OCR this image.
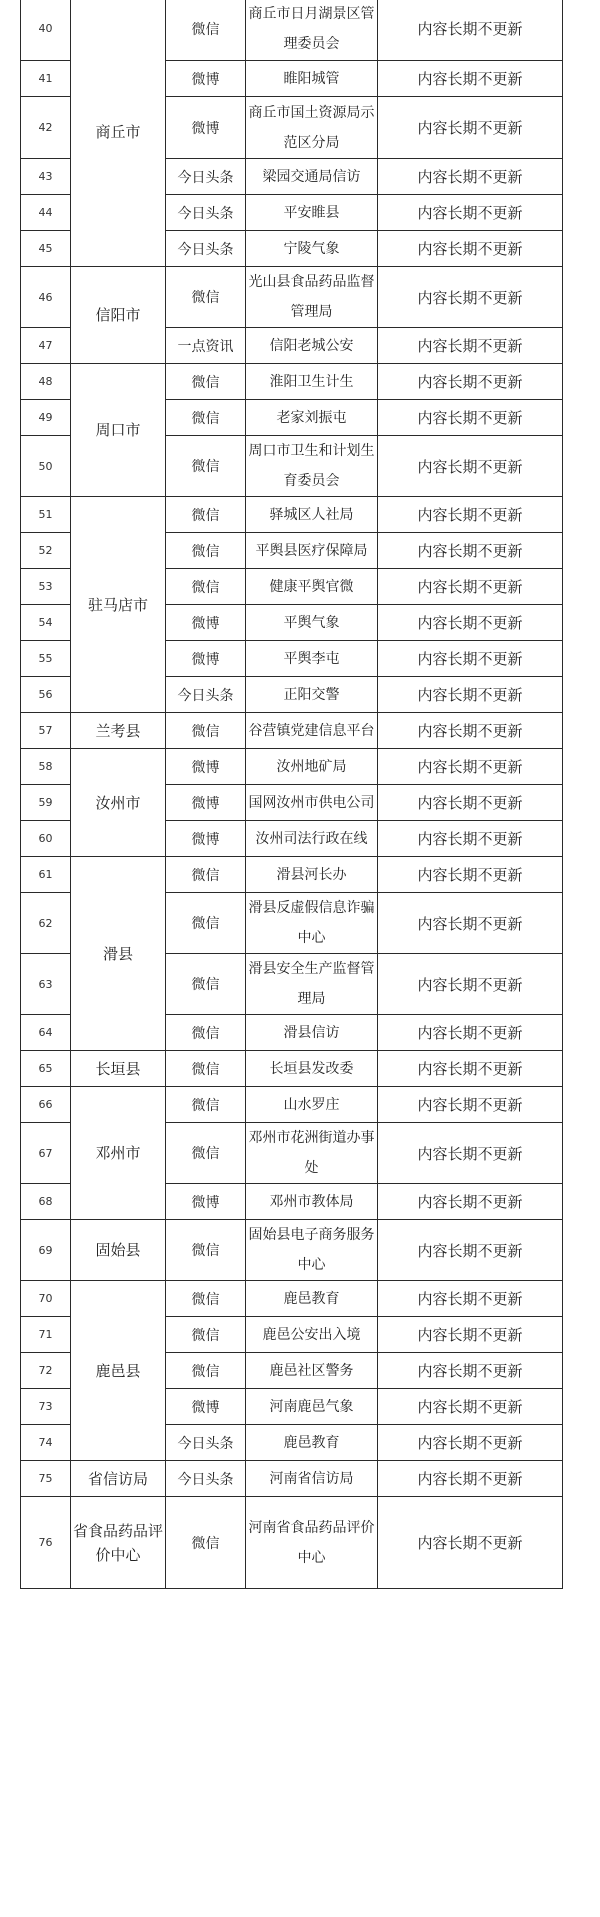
40	商丘市	微信	商丘市日月湖景区管理委员会	内容长期不更新
41		微博	睢阳城管	内容长期不更新
42		微博	商丘市国土资源局示范区分局	内容长期不更新
43		今日头条	梁园交通局信访	内容长期不更新
44		今日头条	平安睢县	内容长期不更新
45		今日头条	宁陵气象	内容长期不更新
46	信阳市	微信	光山县食品药品监督管理局	内容长期不更新
47		一点资讯	信阳老城公安	内容长期不更新
48	周口市	微信	淮阳卫生计生	内容长期不更新
49		微信	老家刘振屯	内容长期不更新
50		微信	周口市卫生和计划生育委员会	内容长期不更新
51	驻马店市	微信	驿城区人社局	内容长期不更新
52		微信	平舆县医疗保障局	内容长期不更新
53		微信	健康平舆官微	内容长期不更新
54		微博	平舆气象	内容长期不更新
55		微博	平舆李屯	内容长期不更新
56		今日头条	正阳交警	内容长期不更新
57	兰考县	微信	谷营镇党建信息平台	内容长期不更新
58	汝州市	微博	汝州地矿局	内容长期不更新
59		微博	国网汝州市供电公司	内容长期不更新
60		微博	汝州司法行政在线	内容长期不更新
61	滑县	微信	滑县河长办	内容长期不更新
62		微信	滑县反虚假信息诈骗中心	内容长期不更新
63		微信	滑县安全生产监督管理局	内容长期不更新
64		微信	滑县信访	内容长期不更新
65	长垣县	微信	长垣县发改委	内容长期不更新
66	邓州市	微信	山水罗庄	内容长期不更新
67		微信	邓州市花洲街道办事处	内容长期不更新
68		微博	邓州市教体局	内容长期不更新
69	固始县	微信	固始县电子商务服务中心	内容长期不更新
70	鹿邑县	微信	鹿邑教育	内容长期不更新
71		微信	鹿邑公安出入境	内容长期不更新
72		微信	鹿邑社区警务	内容长期不更新
73		微博	河南鹿邑气象	内容长期不更新
74		今日头条	鹿邑教育	内容长期不更新
75	省信访局	今日头条	河南省信访局	内容长期不更新
76	省食品药品评价中心	微信	河南省食品药品评价中心	内容长期不更新
